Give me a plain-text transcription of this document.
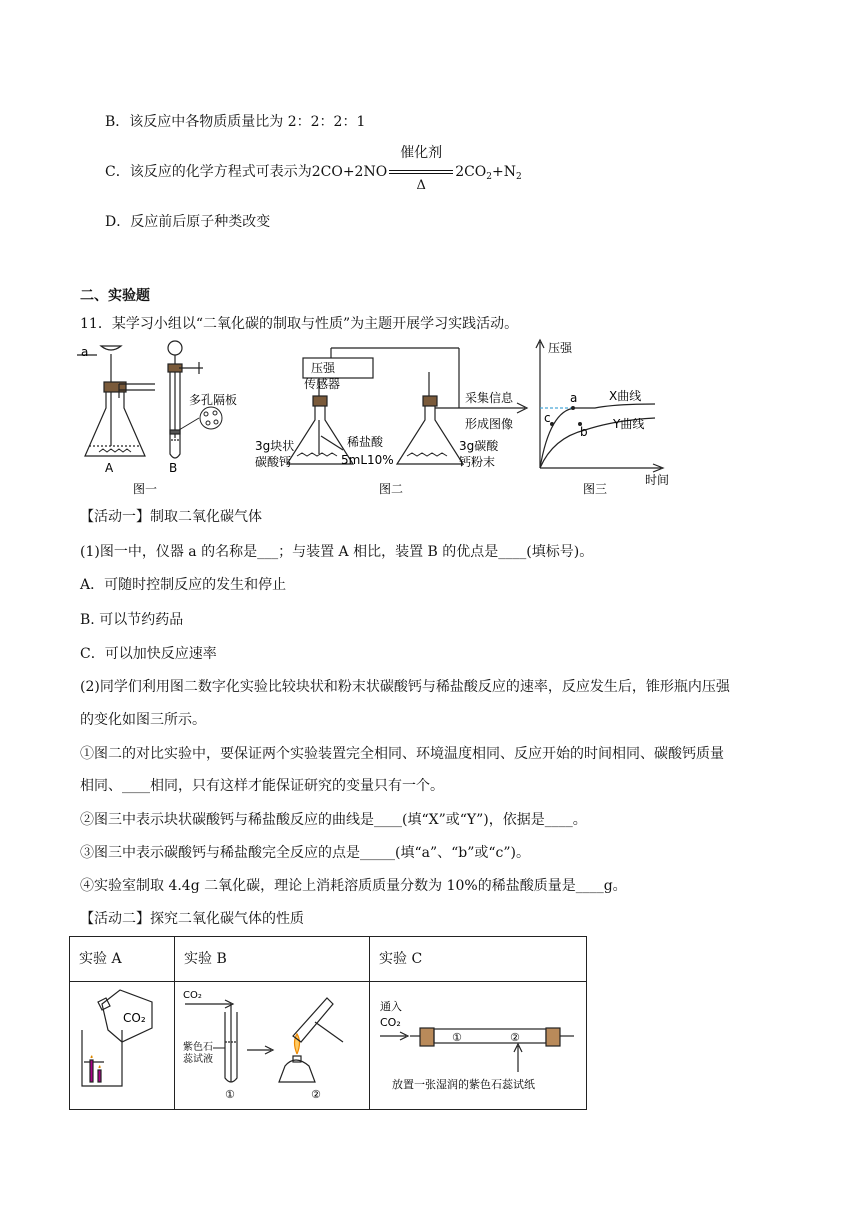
B．该反应中各物质质量比为 2：2：2：1
C．该反应的化学方程式可表示为2CO+2NO
催化剂
Δ
$2CO_2+N_2$
D．反应前后原子种类改变
二、实验题
11．某学习小组以“二氧化碳的制取与性质”为主题开展学习实践活动。
a
A	B
多孔隔板
图一
压强
传感器
3g块状
碳酸钙
稀盐酸
5mL10%
3g碳酸
钙粉末
采集信息
形成图像
图二
压强
时间
X曲线
Y曲线
a
b
c
图三
【活动一】制取二氧化碳气体
(1)图一中，仪器 a 的名称是___；与装置 A 相比，装置 B 的优点是____(填标号)。
A．可随时控制反应的发生和停止
B. 可以节约药品
C．可以加快反应速率
(2)同学们利用图二数字化实验比较块状和粉末状碳酸钙与稀盐酸反应的速率，反应发生后，锥形瓶内压强
的变化如图三所示。
①图二的对比实验中，要保证两个实验装置完全相同、环境温度相同、反应开始的时间相同、碳酸钙质量
相同、____相同，只有这样才能保证研究的变量只有一个。
②图三中表示块状碳酸钙与稀盐酸反应的曲线是____(填“X”或“Y”)，依据是____。
③图三中表示碳酸钙与稀盐酸完全反应的点是_____(填“a”、“b”或“c”)。
④实验室制取 4.4g 二氧化碳，理论上消耗溶质质量分数为 10%的稀盐酸质量是____g。
【活动二】探究二氧化碳气体的性质
实验 A	实验 B	实验 C

CO₂	CO₂
紫色石
蕊试液
① ②	通入
CO₂
① ②
放置一张湿润的紫色石蕊试纸
